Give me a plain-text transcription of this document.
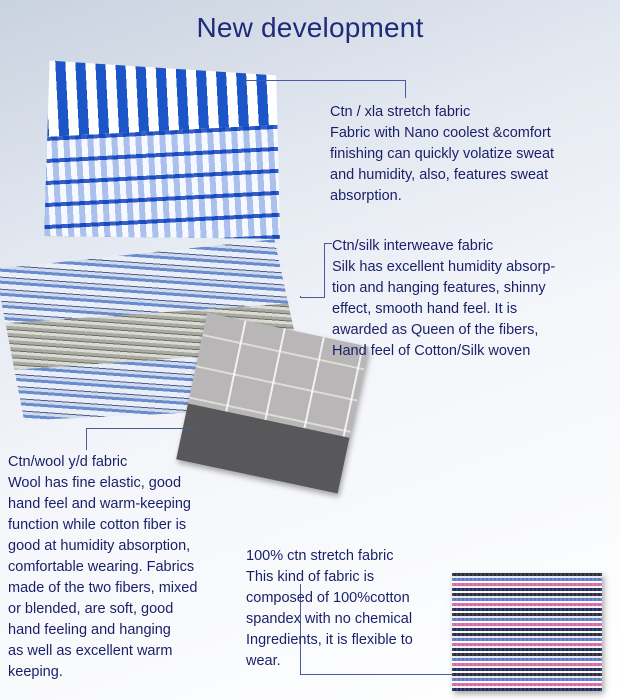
New development
Ctn / xla stretch fabric
Fabric with Nano coolest &comfort
finishing can quickly volatize sweat
and humidity, also, features sweat
absorption.
Ctn/silk interweave fabric
Silk has excellent humidity absorp-
tion and hanging features, shinny
effect, smooth hand feel. It is
awarded as Queen of the fibers,
Hand feel of Cotton/Silk woven
Ctn/wool y/d fabric
Wool has fine elastic, good
hand feel and warm-keeping
function while cotton fiber is
good at humidity absorption,
comfortable wearing. Fabrics
made of the two fibers, mixed
or blended, are soft, good
hand feeling and hanging
as well as excellent warm
keeping.
100% ctn stretch fabric
This kind of fabric is
composed of 100%cotton
spandex with no chemical
Ingredients, it is flexible to
wear.
